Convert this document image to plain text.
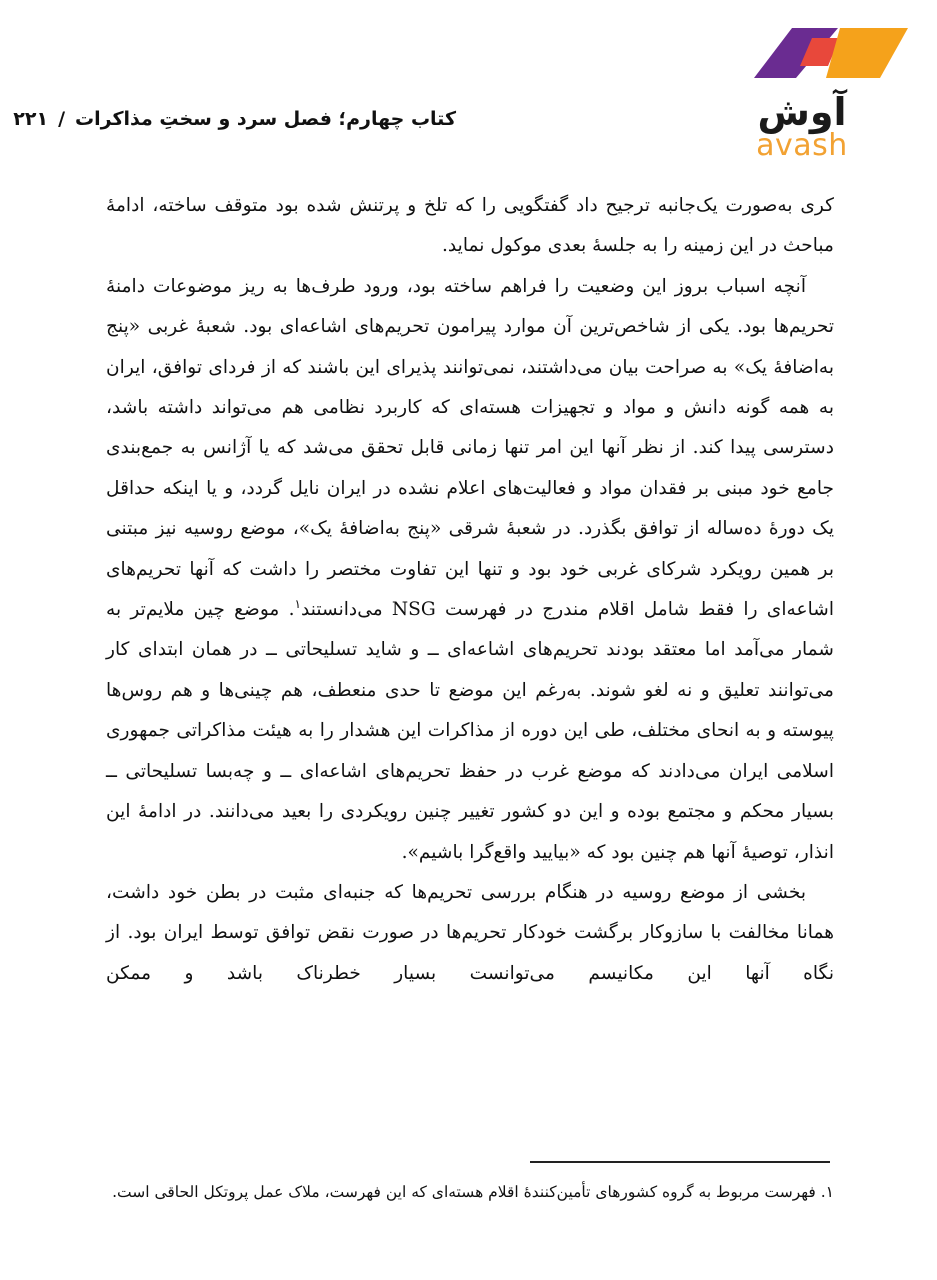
کتاب چهارم؛ فصل سرد و سختِ مذاکرات/۲۲۱	آوش
avash

کری به‌صورت یک‌جانبه ترجیح داد گفتگویی را که تلخ و پرتنش شده بود متوقف ساخته، ادامهٔ مباحث در این زمینه را به جلسهٔ بعدی موکول نماید.

آنچه اسباب بروز این وضعیت را فراهم ساخته بود، ورود طرف‌ها به ریز موضوعات دامنهٔ تحریم‌ها بود. یکی از شاخص‌ترین آن موارد پیرامون تحریم‌های اشاعه‌ای بود. شعبهٔ غربی «پنج به‌اضافهٔ یک» به صراحت بیان می‌داشتند، نمی‌توانند پذیرای این باشند که از فردای توافق، ایران به همه گونه دانش و مواد و تجهیزات هسته‌ای که کاربرد نظامی هم می‌تواند داشته باشد، دسترسی پیدا کند. از نظر آنها این امر تنها زمانی قابل تحقق می‌شد که یا آژانس به جمع‌بندی جامع خود مبنی بر فقدان مواد و فعالیت‌های اعلام نشده در ایران نایل گردد، و یا اینکه حداقل یک دورهٔ ده‌ساله از توافق بگذرد. در شعبهٔ شرقی «پنج به‌اضافهٔ یک»، موضع روسیه نیز مبتنی بر همین رویکرد شرکای غربی خود بود و تنها این تفاوت مختصر را داشت که آنها تحریم‌های اشاعه‌ای را فقط شامل اقلام مندرج در فهرست NSG می‌دانستند$^۱$. موضع چین ملایم‌تر به شمار می‌آمد اما معتقد بودند تحریم‌های اشاعه‌ای ــ و شاید تسلیحاتی ــ در همان ابتدای کار می‌توانند تعلیق و نه لغو شوند. به‌رغم این موضع تا حدی منعطف، هم چینی‌ها و هم روس‌ها پیوسته و به انحای مختلف، طی این دوره از مذاکرات این هشدار را به هیئت مذاکراتی جمهوری اسلامی ایران می‌دادند که موضع غرب در حفظ تحریم‌های اشاعه‌ای ــ و چه‌بسا تسلیحاتی ــ بسیار محکم و مجتمع بوده و این دو کشور تغییر چنین رویکردی را بعید می‌دانند. در ادامهٔ این انذار، توصیهٔ آنها هم چنین بود که «بیایید واقع‌گرا باشیم».

بخشی از موضع روسیه در هنگام بررسی تحریم‌ها که جنبه‌ای مثبت در بطن خود داشت، همانا مخالفت با سازوکار برگشت خودکار تحریم‌ها در صورت نقض توافق توسط ایران بود. از نگاه آنها این مکانیسم می‌توانست بسیار خطرناک باشد و ممکن

۱. فهرست مربوط به گروه کشورهای تأمین‌کنندهٔ اقلام هسته‌ای که این فهرست، ملاک عمل پروتکل الحاقی است.
